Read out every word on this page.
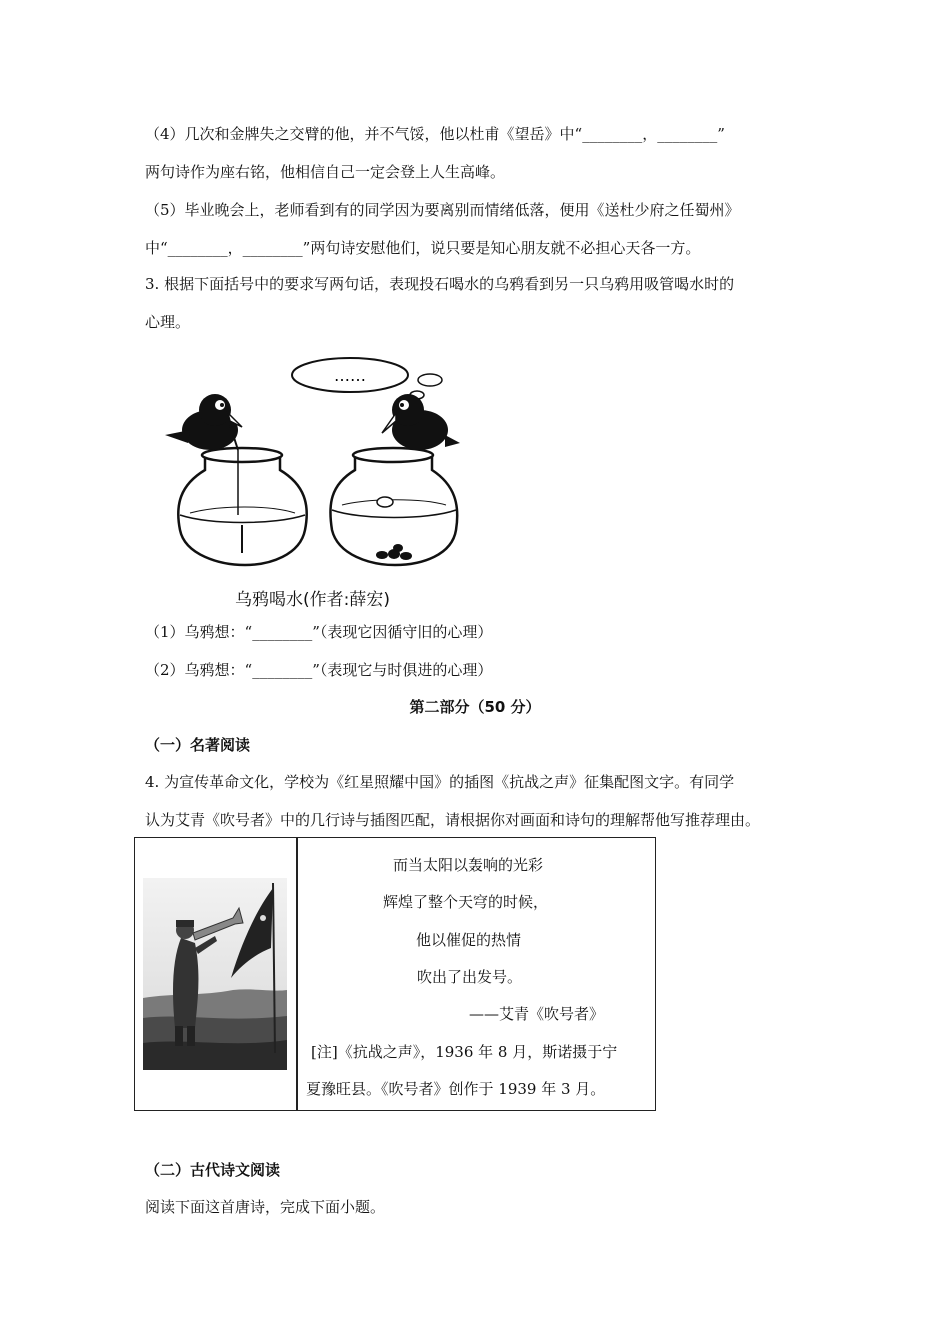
（4）几次和金牌失之交臂的他，并不气馁，他以杜甫《望岳》中“________，________”
两句诗作为座右铭，他相信自己一定会登上人生高峰。
（5）毕业晚会上，老师看到有的同学因为要离别而情绪低落，便用《送杜少府之任蜀州》
中“________，________”两句诗安慰他们，说只要是知心朋友就不必担心天各一方。
3. 根据下面括号中的要求写两句话，表现投石喝水的乌鸦看到另一只乌鸦用吸管喝水时的
心理。
……
乌鸦喝水(作者:薛宏)
（1）乌鸦想：“________”（表现它因循守旧的心理）
（2）乌鸦想：“________”（表现它与时俱进的心理）
第二部分（50 分）
（一）名著阅读
4. 为宣传革命文化，学校为《红星照耀中国》的插图《抗战之声》征集配图文字。有同学
认为艾青《吹号者》中的几行诗与插图匹配，请根据你对画面和诗句的理解帮他写推荐理由。
而当太阳以轰响的光彩
辉煌了整个天穹的时候，
他以催促的热情
吹出了出发号。
——艾青《吹号者》
[注]《抗战之声》，1936 年 8 月，斯诺摄于宁
夏豫旺县。《吹号者》创作于 1939 年 3 月。
（二）古代诗文阅读
阅读下面这首唐诗，完成下面小题。
